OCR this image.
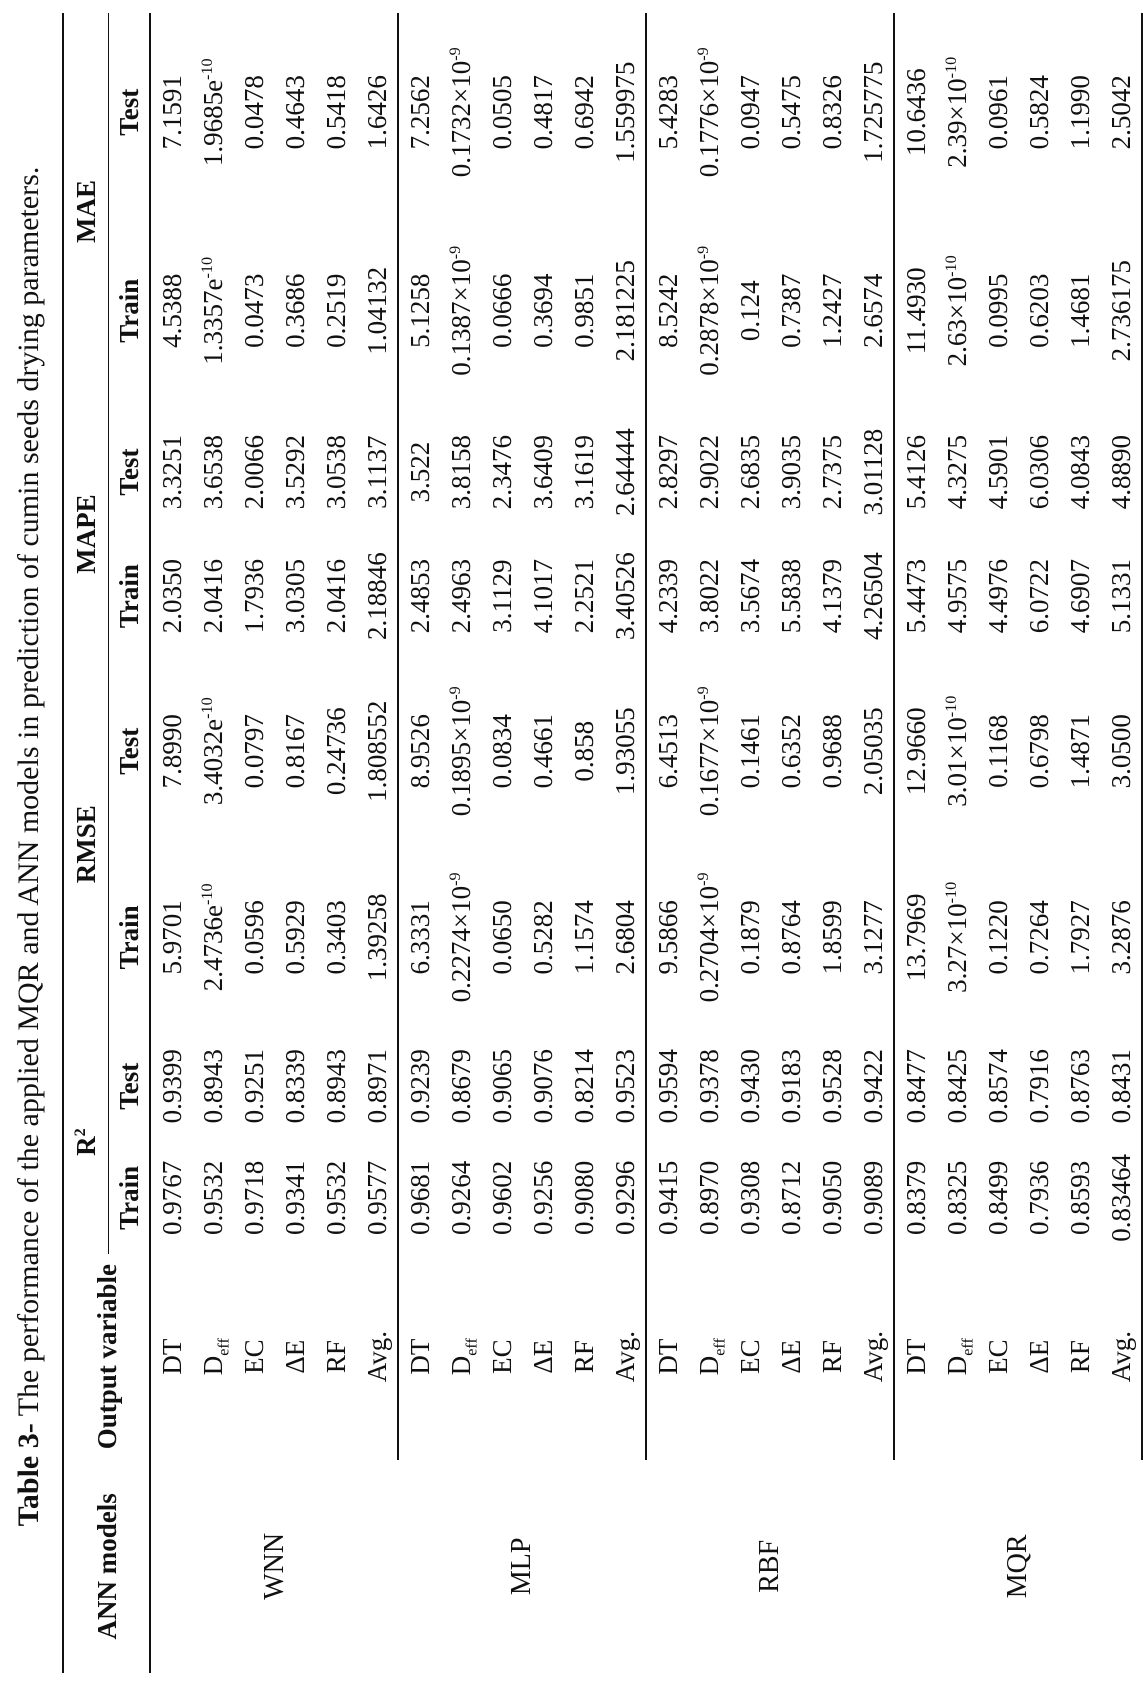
Table 3- The performance of the applied MQR and ANN models in prediction of cumin seeds drying parameters.
ANN models	Output variable	$R^2$		RMSE		MAPE		MAE	
		Train	Test	Train	Test	Train	Test	Train	Test
WNN	DT	0.9767	0.9399	5.9701	7.8990	2.0350	3.3251	4.5388	7.1591
	$D_{eff}$	0.9532	0.8943	$2.4736e^{-10}$	$3.4032e^{-10}$	2.0416	3.6538	$1.3357e^{-10}$	$1.9685e^{-10}$
	EC	0.9718	0.9251	0.0596	0.0797	1.7936	2.0066	0.0473	0.0478
	ΔE	0.9341	0.8339	0.5929	0.8167	3.0305	3.5292	0.3686	0.4643
	RF	0.9532	0.8943	0.3403	0.24736	2.0416	3.0538	0.2519	0.5418
	Avg.	0.9577	0.8971	1.39258	1.808552	2.18846	3.1137	1.04132	1.6426
MLP	DT	0.9681	0.9239	6.3331	8.9526	2.4853	3.522	5.1258	7.2562
	$D_{eff}$	0.9264	0.8679	$0.2274\times 10^{-9}$	$0.1895\times 10^{-9}$	2.4963	3.8158	$0.1387\times 10^{-9}$	$0.1732\times 10^{-9}$
	EC	0.9602	0.9065	0.0650	0.0834	3.1129	2.3476	0.0666	0.0505
	ΔE	0.9256	0.9076	0.5282	0.4661	4.1017	3.6409	0.3694	0.4817
	RF	0.9080	0.8214	1.1574	0.858	2.2521	3.1619	0.9851	0.6942
	Avg.	0.9296	0.9523	2.6804	1.93055	3.40526	2.64444	2.181225	1.559975
RBF	DT	0.9415	0.9594	9.5866	6.4513	4.2339	2.8297	8.5242	5.4283
	$D_{eff}$	0.8970	0.9378	$0.2704\times 10^{-9}$	$0.1677\times 10^{-9}$	3.8022	2.9022	$0.2878\times 10^{-9}$	$0.1776\times 10^{-9}$
	EC	0.9308	0.9430	0.1879	0.1461	3.5674	2.6835	0.124	0.0947
	ΔE	0.8712	0.9183	0.8764	0.6352	5.5838	3.9035	0.7387	0.5475
	RF	0.9050	0.9528	1.8599	0.9688	4.1379	2.7375	1.2427	0.8326
	Avg.	0.9089	0.9422	3.1277	2.05035	4.26504	3.01128	2.6574	1.725775
MQR	DT	0.8379	0.8477	13.7969	12.9660	5.4473	5.4126	11.4930	10.6436
	$D_{eff}$	0.8325	0.8425	$3.27\times 10^{-10}$	$3.01\times 10^{-10}$	4.9575	4.3275	$2.63\times 10^{-10}$	$2.39\times 10^{-10}$
	EC	0.8499	0.8574	0.1220	0.1168	4.4976	4.5901	0.0995	0.0961
	ΔE	0.7936	0.7916	0.7264	0.6798	6.0722	6.0306	0.6203	0.5824
	RF	0.8593	0.8763	1.7927	1.4871	4.6907	4.0843	1.4681	1.1990
	Avg.	0.83464	0.8431	3.2876	3.0500	5.1331	4.8890	2.736175	2.5042
